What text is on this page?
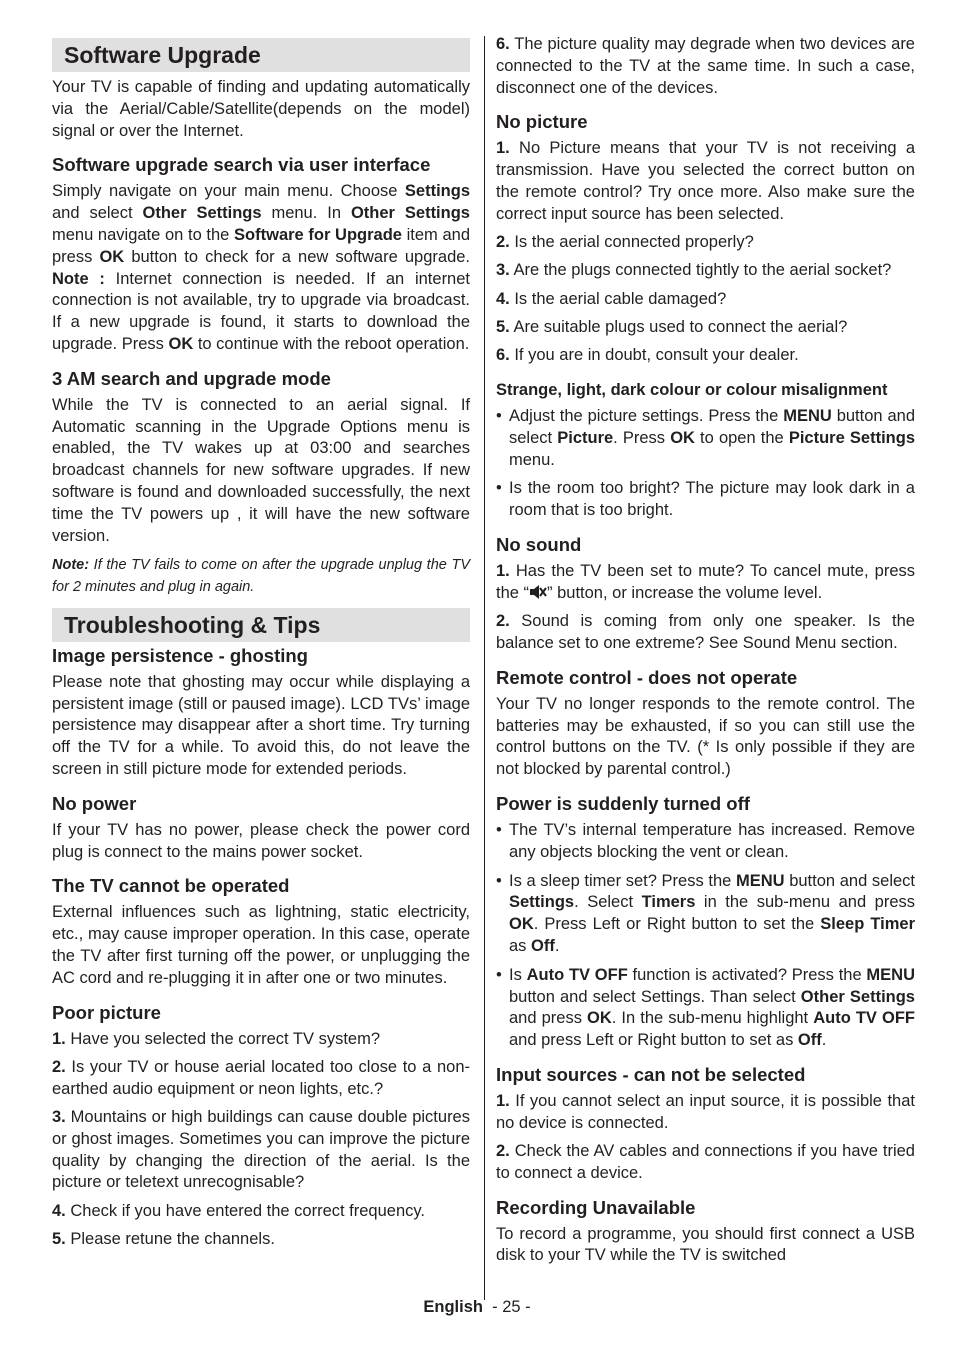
Software Upgrade

Your TV is capable of finding and updating automatically via the Aerial/Cable/Satellite(depends on the model) signal or over the Internet.

Software upgrade search via user interface

Simply navigate on your main menu. Choose Settings and select Other Settings menu. In Other Settings menu navigate on to the Software for Upgrade item and press OK button to check for a new software upgrade. Note : Internet connection is needed. If an internet connection is not available, try to upgrade via broadcast. If a new upgrade is found, it starts to download the upgrade. Press OK to continue with the reboot operation.

3 AM search and upgrade mode

While the TV is connected to an aerial signal. If Automatic scanning in the Upgrade Options menu is enabled, the TV wakes up at 03:00 and searches broadcast channels for new software upgrades. If new software is found and downloaded successfully, the next time the TV powers up , it will have the new software version.

Note: If the TV fails to come on after the upgrade unplug the TV for 2 minutes and plug in again.

Troubleshooting & Tips
Image persistence - ghosting

Please note that ghosting may occur while displaying a persistent image (still or paused image). LCD TVs’ image persistence may disappear after a short time. Try turning off the TV for a while. To avoid this, do not leave the screen in still picture mode for extended periods.

No power

If your TV has no power, please check the power cord plug is connect to the mains power socket.

The TV cannot be operated

External influences such as lightning, static electricity, etc., may cause improper operation. In this case, operate the TV after first turning off the power, or unplugging the AC cord and re-plugging it in after one or two minutes.

Poor picture

1. Have you selected the correct TV system?

2. Is your TV or house aerial located too close to a non-earthed audio equipment or neon lights, etc.?

3. Mountains or high buildings can cause double pictures or ghost images. Sometimes you can improve the picture quality by changing the direction of the aerial. Is the picture or teletext unrecognisable?

4. Check if you have entered the correct frequency.

5. Please retune the channels.

6. The picture quality may degrade when two devices are connected to the TV at the same time. In such a case, disconnect one of the devices.

No picture

1. No Picture means that your TV is not receiving a transmission. Have you selected the correct button on the remote control? Try once more. Also make sure the correct input source has been selected.

2. Is the aerial connected properly?

3. Are the plugs connected tightly to the aerial socket?

4. Is the aerial cable damaged?

5. Are suitable plugs used to connect the aerial?

6. If you are in doubt, consult your dealer.

Strange, light, dark colour or colour misalignment
• Adjust the picture settings. Press the MENU button and select Picture. Press OK to open the Picture Settings menu.
• Is the room too bright? The picture may look dark in a room that is too bright.
No sound

1. Has the TV been set to mute? To cancel mute, press the “ ” button, or increase the volume level.

2. Sound is coming from only one speaker. Is the balance set to one extreme? See Sound Menu section.

Remote control - does not operate

Your TV no longer responds to the remote control. The batteries may be exhausted, if so you can still use the control buttons on the TV. (* Is only possible if they are not blocked by parental control.)

Power is suddenly turned off
• The TV’s internal temperature has increased. Remove any objects blocking the vent or clean.
• Is a sleep timer set? Press the MENU button and select Settings. Select Timers in the sub-menu and press OK. Press Left or Right button to set the Sleep Timer as Off.
• Is Auto TV OFF function is activated? Press the MENU button and select Settings. Than select Other Settings and press OK. In the sub-menu highlight Auto TV OFF and press Left or Right button to set as Off.
Input sources - can not be selected

1. If you cannot select an input source, it is possible that no device is connected.

2. Check the AV cables and connections if you have tried to connect a device.

Recording Unavailable

To record a programme, you should first connect a USB disk to your TV while the TV is switched

English  - 25 -
